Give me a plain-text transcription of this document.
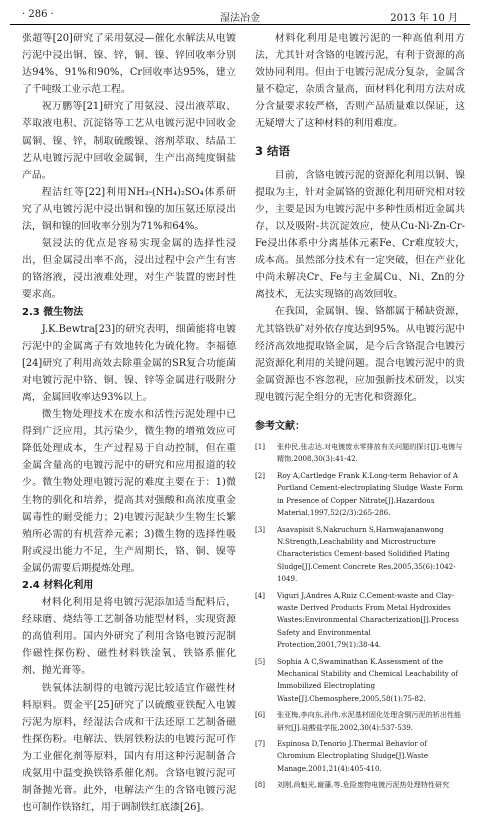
· 286 ·	湿法冶金	2013 年 10 月

张超等[20]研究了采用氨浸—催化水解法从电镀污泥中浸出铜、镍、锌，铜、镍、锌回收率分别达94%、91%和90%，Cr回收率达95%，建立了千吨级工业示范工程。

祝万鹏等[21]研究了用氨浸、浸出液萃取、萃取液电积、沉淀铬等工艺从电镀污泥中回收金属铜、镍、锌，制取硫酸镍、溶剂萃取、结晶工艺从电镀污泥中回收金属铜，生产出高纯度铜盐产品。

程洁红等[22]利用NH₃-(NH₄)₂SO₄体系研究了从电镀污泥中浸出铜和镍的加压氨还原浸出法，铜和镍的回收率分别为71%和64%。

氨浸法的优点是容易实现金属的选择性浸出，但金属浸出率不高，浸出过程中会产生有害的铬溶液，浸出液难处理，对生产装置的密封性要求高。

2.3 微生物法

J.K.Bewtra[23]的研究表明，细菌能将电镀污泥中的金属离子有效地转化为硫化物。李福德[24]研究了利用高效去除重金属的SR复合功能菌对电镀污泥中铬、铜、镍、锌等金属进行吸附分离，金属回收率达93%以上。

微生物处理技术在废水和活性污泥处理中已得到广泛应用，其污染少，微生物的增殖效应可降低处理成本，生产过程易于自动控制，但在重金属含量高的电镀污泥中的研究和应用报道的较少。微生物处理电镀污泥的难度主要在于：1)微生物的驯化和培养，提高其对强酸和高浓度重金属毒性的耐受能力；2)电镀污泥缺少生物生长繁殖所必需的有机营养元素；3)微生物的选择性吸附或浸出能力不足，生产周期长，铬、铜、镍等金属仍需要后期提炼处理。

2.4 材料化利用

材料化利用是将电镀污泥添加适当配料后，经球磨、烧结等工艺制备功能型材料，实现资源的高值利用。国内外研究了利用含铬电镀污泥制作磁性探伤粉、磁性材料铁淦氧、铁铬系催化剂、抛光膏等。

铁氧体法制得的电镀污泥比较适宜作磁性材料原料。贾金平[25]研究了以硫酸亚铁配入电镀污泥为原料，经湿法合成和干法还原工艺制备磁性探伤粉。电解法、铁屑铁粉法的电镀污泥可作为工业催化剂等原料，国内有用这种污泥制备合成氨用中温变换铁铬系催化剂。含铬电镀污泥可制备抛光膏。此外，电解法产生的含铬电镀污泥也可制作铁铬红，用于调制铁红底漆[26]。

材料化利用是电镀污泥的一种高值利用方法，尤其针对含铬的电镀污泥，有利于资源的高效协同利用。但由于电镀污泥成分复杂，金属含量不稳定，杂质含量高，面材料化利用方法对成分含量要求较严格，否则产品质量难以保证，这无疑增大了这种材料的利用难度。

3 结语

目前，含铬电镀污泥的资源化利用以铜、镍提取为主，针对金属铬的资源化利用研究相对较少，主要是因为电镀污泥中多种性质相近金属共存，以及吸附-共沉淀效应，使从Cu-Ni-Zn-Cr-Fe浸出体系中分离基体元素Fe、Cr难度较大，成本高。虽然部分技术有一定突破，但在产业化中尚未解决Cr、Fe与主金属Cu、Ni、Zn的分离技术，无法实现铬的高效回收。

在我国，金属铜、镍、铬都属于稀缺资源，尤其铬铁矿对外依存度达到95%。从电镀污泥中经济高效地提取铬金属，是今后含铬混合电镀污泥资源化利用的关键问题。混合电镀污泥中的贵金属资源也不容忽视，应加强新技术研发，以实现电镀污泥全组分的无害化和资源化。

参考文献：
[1] 张仲民,张志达.对电镀废水零排放有关问题的探讨[J].电镀与精饰,2008,30(3):41-42.
[2] Roy A,Cartledge Frank K.Long-term Behavior of A Portland Cement-electroplating Sludge Waste Form in Presence of Copper Nitrate[J].Hazardous Material,1997,52(2/3):265-286.
[3] Asavapisit S,Nakruchurn S,Harnwajananwong N.Strength,Leachability and Microstructure Characteristics Cement-based Solidified Plating Sludge[J].Cement Concrete Res,2005,35(6):1042-1049.
[4] Viguri J,Andres A,Ruiz C.Cement-waste and Clay-waste Derived Products From Metal Hydroxides Wastes:Environmental Characterization[J].Process Safety and Environmental Protection,2001,79(1):38-44.
[5] Sophia A C,Swaminathan K.Assessment of the Mechanical Stability and Chemical Leachability of Immobilized Electroplating Waste[J].Chemosphere,2005,58(1):75-82.
[6] 张亚梅,李向东,孙伟.水泥基材固化处理含铜污泥的析出性能研究[J].硅酸盐学报,2002,30(4):537-539.
[7] Espinosa D,Tenorio J.Thermal Behavior of Chromium Electroplating Sludge[J].Waste Manage,2001,21(4):405-410.
[8] 刘刚,尚魁光,谢藩,等.危险废物电镀污泥热处理特性研究
